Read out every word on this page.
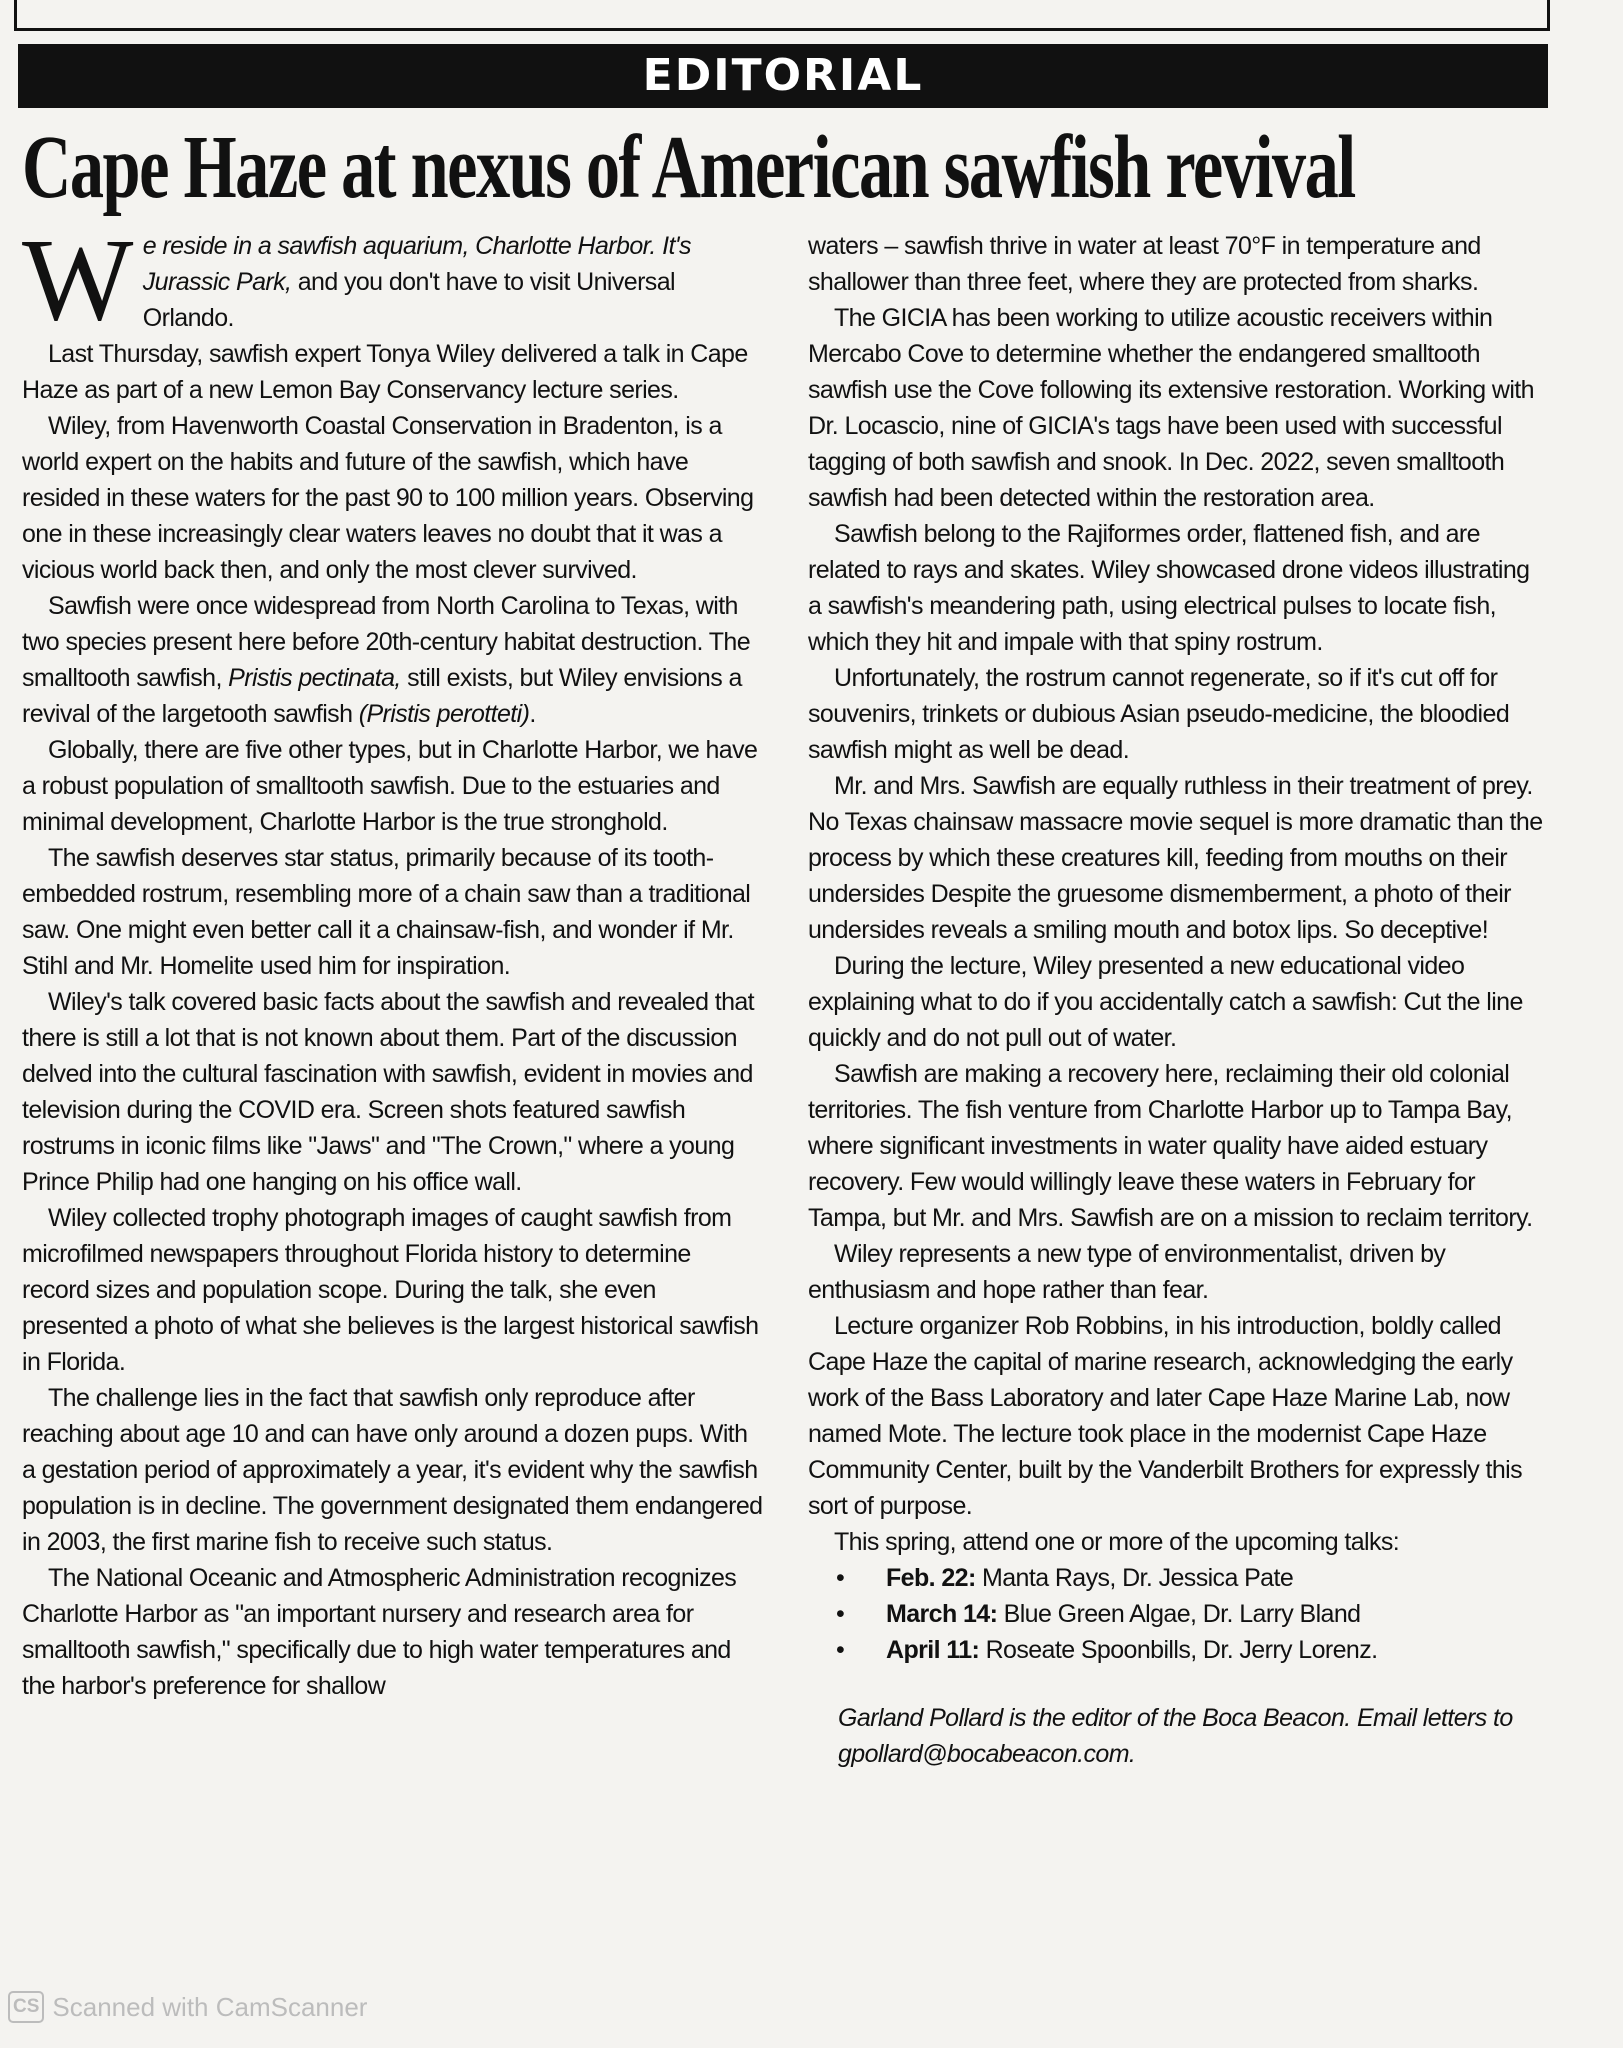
EDITORIAL
Cape Haze at nexus of American sawfish revival

W e reside in a sawfish aquarium, Charlotte Harbor. It's Jurassic Park, and you don't have to visit Universal Orlando.

Last Thursday, sawfish expert Tonya Wiley delivered a talk in Cape Haze as part of a new Lemon Bay Conservancy lecture series.

Wiley, from Havenworth Coastal Conservation in Bradenton, is a world expert on the habits and future of the sawfish, which have resided in these waters for the past 90 to 100 million years. Observing one in these increasingly clear waters leaves no doubt that it was a vicious world back then, and only the most clever survived.

Sawfish were once widespread from North Carolina to Texas, with two species present here before 20th-century habitat destruction. The smalltooth sawfish, Pristis pectinata, still exists, but Wiley envisions a revival of the largetooth sawfish (Pristis perotteti).

Globally, there are five other types, but in Charlotte Harbor, we have a robust population of smalltooth sawfish. Due to the estuaries and minimal development, Charlotte Harbor is the true stronghold.

The sawfish deserves star status, primarily because of its tooth-embedded rostrum, resembling more of a chain saw than a traditional saw. One might even better call it a chainsaw-fish, and wonder if Mr. Stihl and Mr. Homelite used him for inspiration.

Wiley's talk covered basic facts about the sawfish and revealed that there is still a lot that is not known about them. Part of the discussion delved into the cultural fascination with sawfish, evident in movies and television during the COVID era. Screen shots featured sawfish rostrums in iconic films like "Jaws" and "The Crown," where a young Prince Philip had one hanging on his office wall.

Wiley collected trophy photograph images of caught sawfish from microfilmed newspapers throughout Florida history to determine record sizes and population scope. During the talk, she even presented a photo of what she believes is the largest historical sawfish in Florida.

The challenge lies in the fact that sawfish only reproduce after reaching about age 10 and can have only around a dozen pups. With a gestation period of approximately a year, it's evident why the sawfish population is in decline. The government designated them endangered in 2003, the first marine fish to receive such status.

The National Oceanic and Atmospheric Administration recognizes Charlotte Harbor as "an important nursery and research area for smalltooth sawfish," specifically due to high water temperatures and the harbor's preference for shallow

waters – sawfish thrive in water at least 70°F in temperature and shallower than three feet, where they are protected from sharks.

The GICIA has been working to utilize acoustic receivers within Mercabo Cove to determine whether the endangered smalltooth sawfish use the Cove following its extensive restoration. Working with Dr. Locascio, nine of GICIA's tags have been used with successful tagging of both sawfish and snook. In Dec. 2022, seven smalltooth sawfish had been detected within the restoration area.

Sawfish belong to the Rajiformes order, flattened fish, and are related to rays and skates. Wiley showcased drone videos illustrating a sawfish's meandering path, using electrical pulses to locate fish, which they hit and impale with that spiny rostrum.

Unfortunately, the rostrum cannot regenerate, so if it's cut off for souvenirs, trinkets or dubious Asian pseudo-medicine, the bloodied sawfish might as well be dead.

Mr. and Mrs. Sawfish are equally ruthless in their treatment of prey. No Texas chainsaw massacre movie sequel is more dramatic than the process by which these creatures kill, feeding from mouths on their undersides Despite the gruesome dismemberment, a photo of their undersides reveals a smiling mouth and botox lips. So deceptive!

During the lecture, Wiley presented a new educational video explaining what to do if you accidentally catch a sawfish: Cut the line quickly and do not pull out of water.

Sawfish are making a recovery here, reclaiming their old colonial territories. The fish venture from Charlotte Harbor up to Tampa Bay, where significant investments in water quality have aided estuary recovery. Few would willingly leave these waters in February for Tampa, but Mr. and Mrs. Sawfish are on a mission to reclaim territory.

Wiley represents a new type of environmentalist, driven by enthusiasm and hope rather than fear.

Lecture organizer Rob Robbins, in his introduction, boldly called Cape Haze the capital of marine research, acknowledging the early work of the Bass Laboratory and later Cape Haze Marine Lab, now named Mote. The lecture took place in the modernist Cape Haze Community Center, built by the Vanderbilt Brothers for expressly this sort of purpose.

This spring, attend one or more of the upcoming talks:

• Feb. 22: Manta Rays, Dr. Jessica Pate
• March 14: Blue Green Algae, Dr. Larry Bland
• April 11: Roseate Spoonbills, Dr. Jerry Lorenz.

Garland Pollard is the editor of the Boca Beacon. Email letters to gpollard@bocabeacon.com.

CS Scanned with CamScanner
